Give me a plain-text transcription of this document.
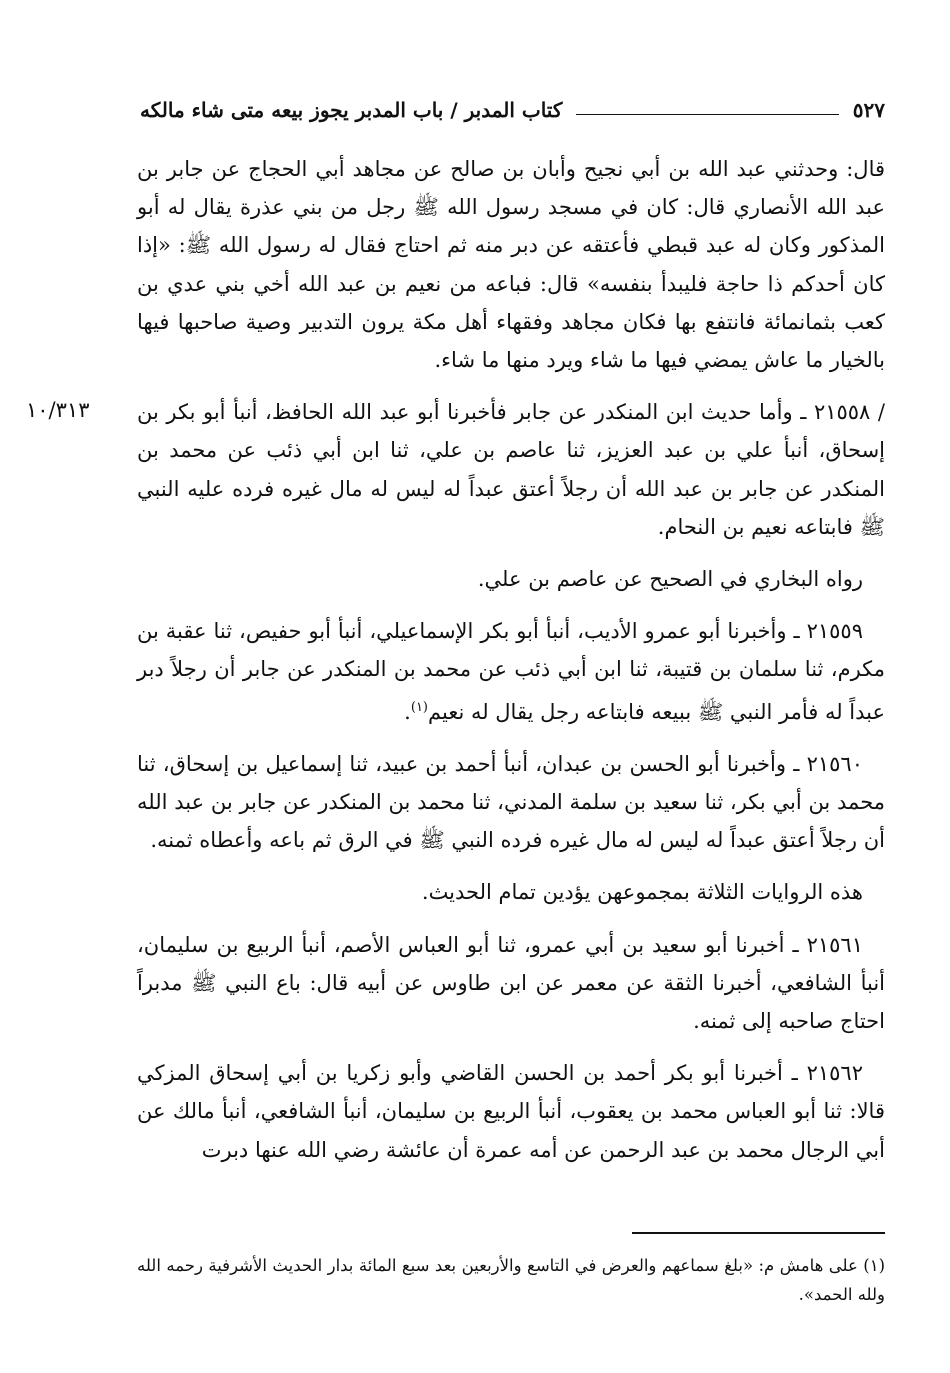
كتاب المدبر / باب المدبر يجوز بيعه متى شاء مالكه	٥٢٧
١٠/٣١٣

قال: وحدثني عبد الله بن أبي نجيح وأبان بن صالح عن مجاهد أبي الحجاج عن جابر بن عبد الله الأنصاري قال: كان في مسجد رسول الله ﷺ رجل من بني عذرة يقال له أبو المذكور وكان له عبد قبطي فأعتقه عن دبر منه ثم احتاج فقال له رسول الله ﷺ: «إذا كان أحدكم ذا حاجة فليبدأ بنفسه» قال: فباعه من نعيم بن عبد الله أخي بني عدي بن كعب بثمانمائة فانتفع بها فكان مجاهد وفقهاء أهل مكة يرون التدبير وصية صاحبها فيها بالخيار ما عاش يمضي فيها ما شاء ويرد منها ما شاء.

/ ٢١٥٥٨ ـ وأما حديث ابن المنكدر عن جابر فأخبرنا أبو عبد الله الحافظ، أنبأ أبو بكر بن إسحاق، أنبأ علي بن عبد العزيز، ثنا عاصم بن علي، ثنا ابن أبي ذئب عن محمد بن المنكدر عن جابر بن عبد الله أن رجلاً أعتق عبداً له ليس له مال غيره فرده عليه النبي ﷺ فابتاعه نعيم بن النحام.

رواه البخاري في الصحيح عن عاصم بن علي.

٢١٥٥٩ ـ وأخبرنا أبو عمرو الأديب، أنبأ أبو بكر الإسماعيلي، أنبأ أبو حفيص، ثنا عقبة بن مكرم، ثنا سلمان بن قتيبة، ثنا ابن أبي ذئب عن محمد بن المنكدر عن جابر أن رجلاً دبر عبداً له فأمر النبي ﷺ ببيعه فابتاعه رجل يقال له نعيم$^{(١)}$.

٢١٥٦٠ ـ وأخبرنا أبو الحسن بن عبدان، أنبأ أحمد بن عبيد، ثنا إسماعيل بن إسحاق، ثنا محمد بن أبي بكر، ثنا سعيد بن سلمة المدني، ثنا محمد بن المنكدر عن جابر بن عبد الله أن رجلاً أعتق عبداً له ليس له مال غيره فرده النبي ﷺ في الرق ثم باعه وأعطاه ثمنه.

هذه الروايات الثلاثة بمجموعهن يؤدين تمام الحديث.

٢١٥٦١ ـ أخبرنا أبو سعيد بن أبي عمرو، ثنا أبو العباس الأصم، أنبأ الربيع بن سليمان، أنبأ الشافعي، أخبرنا الثقة عن معمر عن ابن طاوس عن أبيه قال: باع النبي ﷺ مدبراً احتاج صاحبه إلى ثمنه.

٢١٥٦٢ ـ أخبرنا أبو بكر أحمد بن الحسن القاضي وأبو زكريا بن أبي إسحاق المزكي قالا: ثنا أبو العباس محمد بن يعقوب، أنبأ الربيع بن سليمان، أنبأ الشافعي، أنبأ مالك عن أبي الرجال محمد بن عبد الرحمن عن أمه عمرة أن عائشة رضي الله عنها دبرت

(١) على هامش م: «بلغ سماعهم والعرض في التاسع والأربعين بعد سبع المائة بدار الحديث الأشرفية رحمه الله ولله الحمد».
